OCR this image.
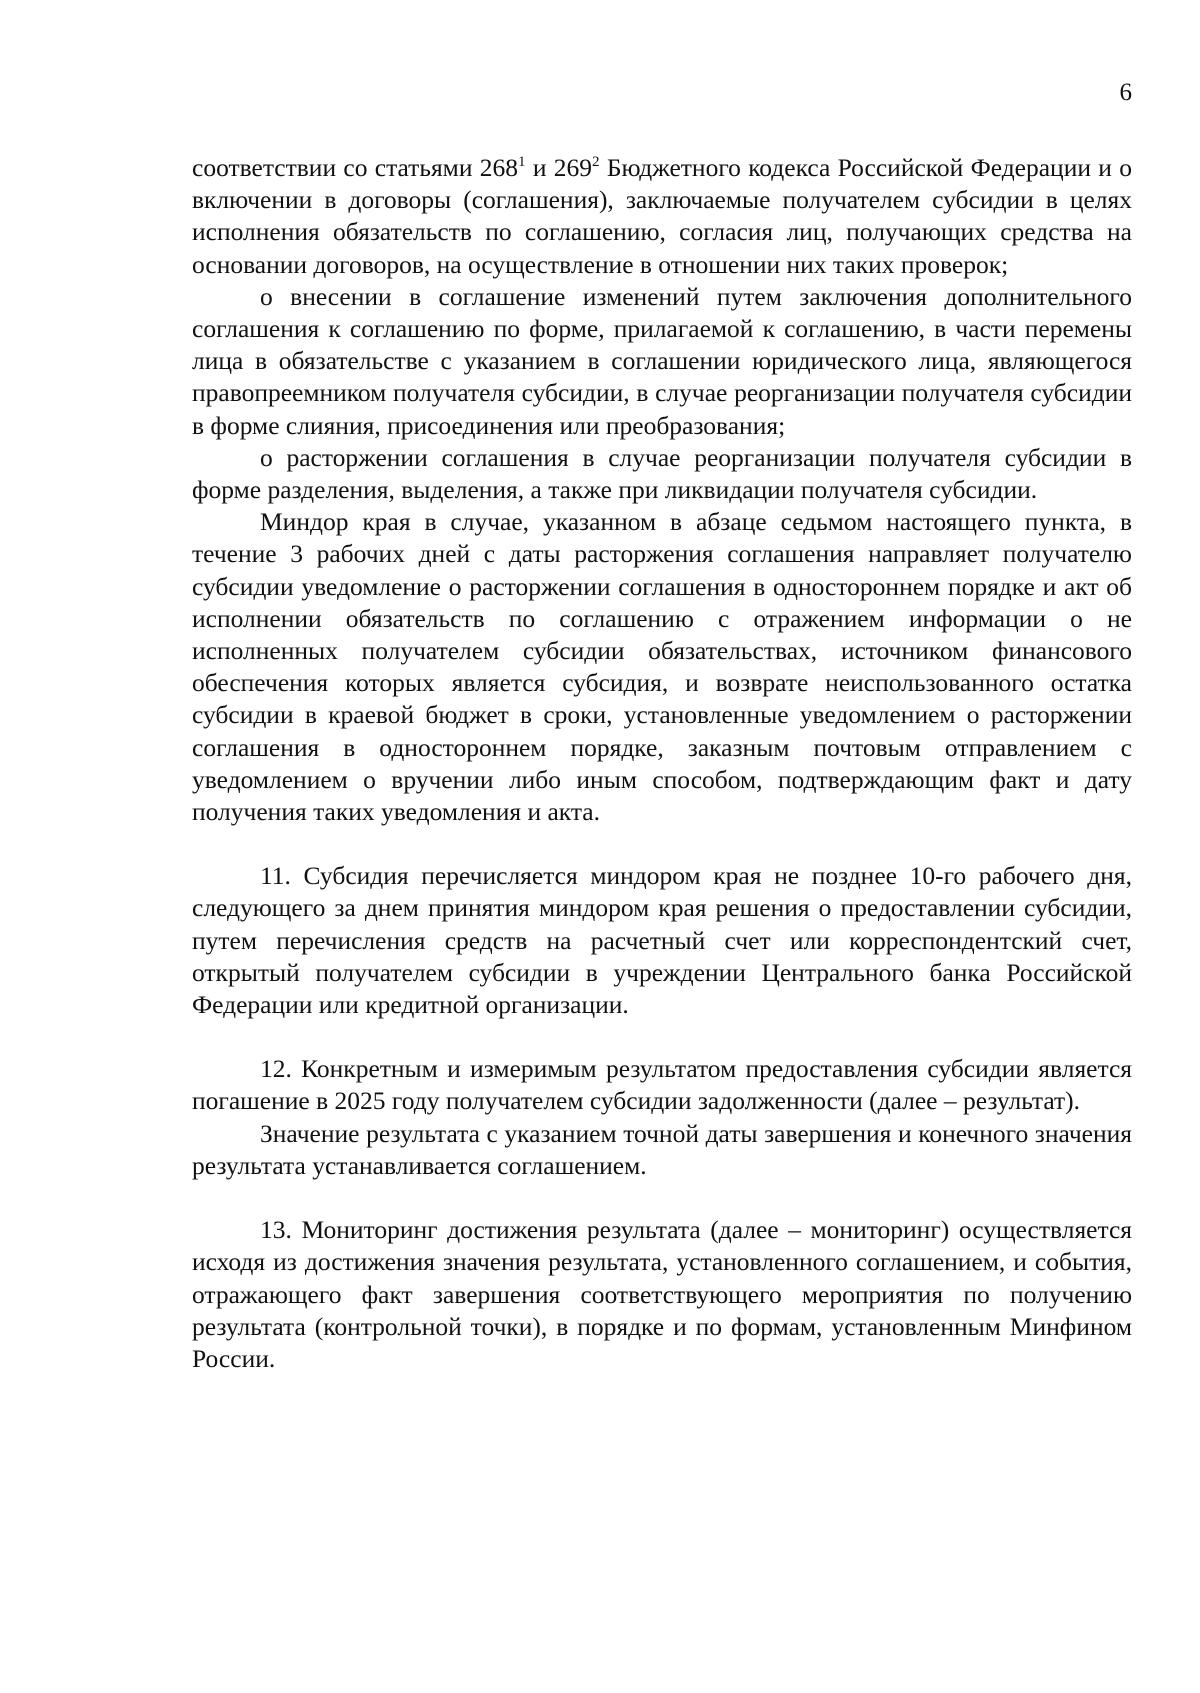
6

соответствии со статьями $268^1$ и $269^2$ Бюджетного кодекса Российской Федерации и о включении в договоры (соглашения), заключаемые получателем субсидии в целях исполнения обязательств по соглашению, согласия лиц, получающих средства на основании договоров, на осуществление в отношении них таких проверок;

о внесении в соглашение изменений путем заключения дополнительного соглашения к соглашению по форме, прилагаемой к соглашению, в части перемены лица в обязательстве с указанием в соглашении юридического лица, являющегося правопреемником получателя субсидии, в случае реорганизации получателя субсидии в форме слияния, присоединения или преобразования;

о расторжении соглашения в случае реорганизации получателя субсидии в форме разделения, выделения, а также при ликвидации получателя субсидии.

Миндор края в случае, указанном в абзаце седьмом настоящего пункта, в течение 3 рабочих дней с даты расторжения соглашения направляет получателю субсидии уведомление о расторжении соглашения в одностороннем порядке и акт об исполнении обязательств по соглашению с отражением информации о не исполненных получателем субсидии обязательствах, источником финансового обеспечения которых является субсидия, и возврате неиспользованного остатка субсидии в краевой бюджет в сроки, установленные уведомлением о расторжении соглашения в одностороннем порядке, заказным почтовым отправлением с уведомлением о вручении либо иным способом, подтверждающим факт и дату получения таких уведомления и акта.

11. Субсидия перечисляется миндором края не позднее 10-го рабочего дня, следующего за днем принятия миндором края решения о предоставлении субсидии, путем перечисления средств на расчетный счет или корреспондентский счет, открытый получателем субсидии в учреждении Центрального банка Российской Федерации или кредитной организации.

12. Конкретным и измеримым результатом предоставления субсидии является погашение в 2025 году получателем субсидии задолженности (далее – результат).

Значение результата с указанием точной даты завершения и конечного значения результата устанавливается соглашением.

13. Мониторинг достижения результата (далее – мониторинг) осуществляется исходя из достижения значения результата, установленного соглашением, и события, отражающего факт завершения соответствующего мероприятия по получению результата (контрольной точки), в порядке и по формам, установленным Минфином России.
